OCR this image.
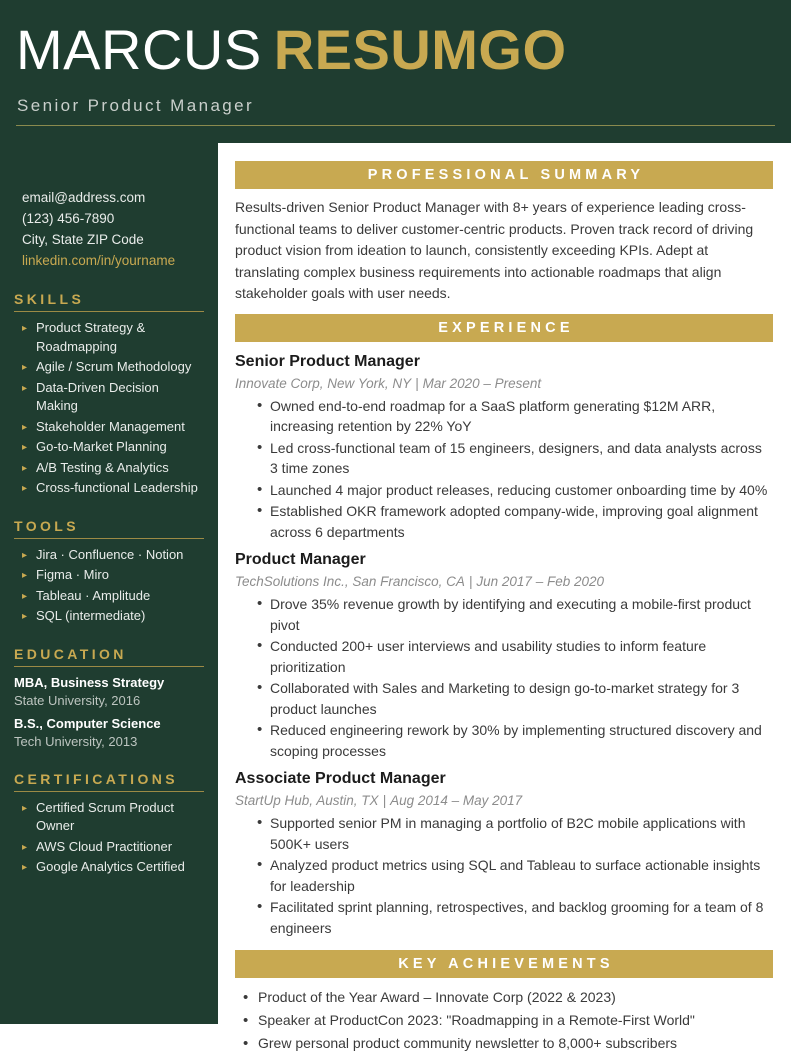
MARCUS RESUMGO
Senior Product Manager
email@address.com
(123) 456-7890
City, State ZIP Code
linkedin.com/in/yourname
SKILLS
▸ Product Strategy & Roadmapping
▸ Agile / Scrum Methodology
▸ Data-Driven Decision Making
▸ Stakeholder Management
▸ Go-to-Market Planning
▸ A/B Testing & Analytics
▸ Cross-functional Leadership
TOOLS
▸ Jira · Confluence · Notion
▸ Figma · Miro
▸ Tableau · Amplitude
▸ SQL (intermediate)
EDUCATION
MBA, Business Strategy
State University, 2016
B.S., Computer Science
Tech University, 2013
CERTIFICATIONS
▸ Certified Scrum Product Owner
▸ AWS Cloud Practitioner
▸ Google Analytics Certified
PROFESSIONAL SUMMARY

Results-driven Senior Product Manager with 8+ years of experience leading cross-functional teams to deliver customer-centric products. Proven track record of driving product vision from ideation to launch, consistently exceeding KPIs. Adept at translating complex business requirements into actionable roadmaps that align stakeholder goals with user needs.

EXPERIENCE
Senior Product Manager
Innovate Corp, New York, NY | Mar 2020 – Present
• Owned end-to-end roadmap for a SaaS platform generating $12M ARR, increasing retention by 22% YoY
• Led cross-functional team of 15 engineers, designers, and data analysts across 3 time zones
• Launched 4 major product releases, reducing customer onboarding time by 40%
• Established OKR framework adopted company-wide, improving goal alignment across 6 departments
Product Manager
TechSolutions Inc., San Francisco, CA | Jun 2017 – Feb 2020
• Drove 35% revenue growth by identifying and executing a mobile-first product pivot
• Conducted 200+ user interviews and usability studies to inform feature prioritization
• Collaborated with Sales and Marketing to design go-to-market strategy for 3 product launches
• Reduced engineering rework by 30% by implementing structured discovery and scoping processes
Associate Product Manager
StartUp Hub, Austin, TX | Aug 2014 – May 2017
• Supported senior PM in managing a portfolio of B2C mobile applications with 500K+ users
• Analyzed product metrics using SQL and Tableau to surface actionable insights for leadership
• Facilitated sprint planning, retrospectives, and backlog grooming for a team of 8 engineers
KEY ACHIEVEMENTS
• Product of the Year Award – Innovate Corp (2022 & 2023)
• Speaker at ProductCon 2023: "Roadmapping in a Remote-First World"
• Grew personal product community newsletter to 8,000+ subscribers
